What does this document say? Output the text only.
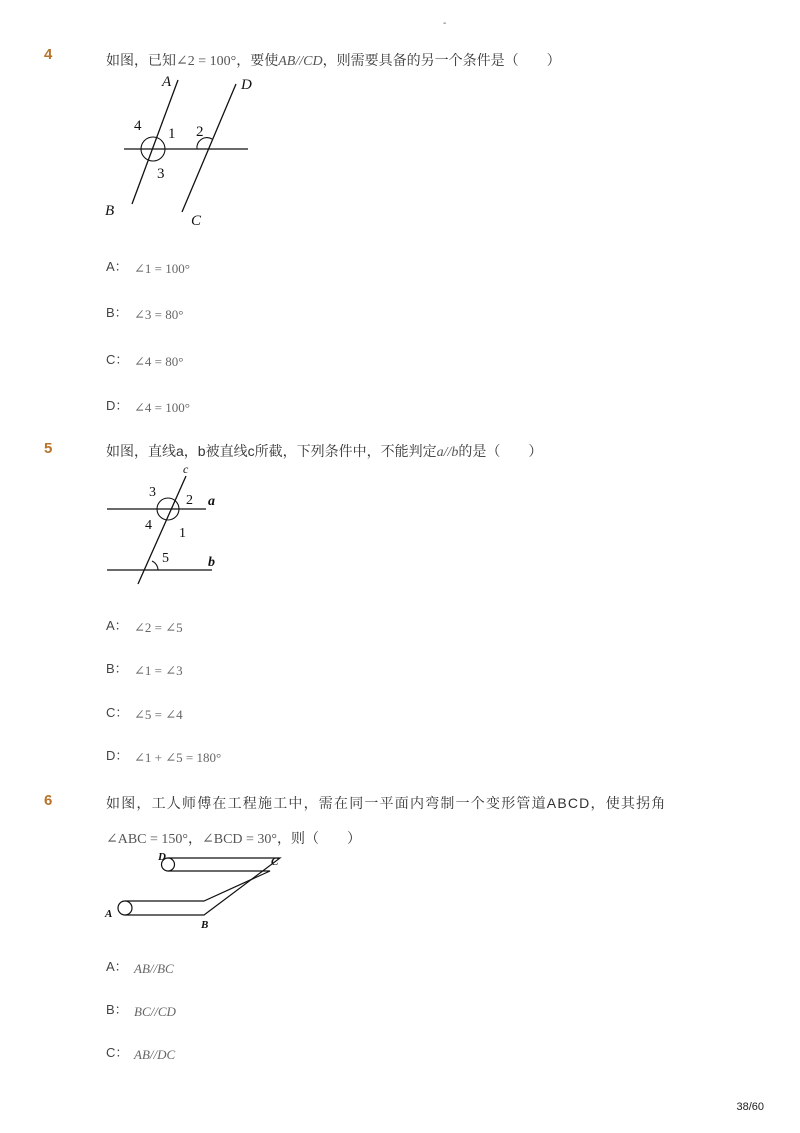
-
4	如图，已知∠2 = 100°，要使AB//CD，则需要具备的另一个条件是（　　）
A	D
B
C
4 1
3
2
A： ∠1 = 100°
B： ∠3 = 80°
C： ∠4 = 80°
D： ∠4 = 100°
5	如图，直线a，b被直线c所截，下列条件中，不能判定a//b的是（　　）
c
a
b
3
2
4
1
5
A： ∠2 = ∠5
B： ∠1 = ∠3
C： ∠5 = ∠4
D： ∠1 + ∠5 = 180°
6	如图，工人师傅在工程施工中，需在同一平面内弯制一个变形管道ABCD，使其拐角
∠ABC = 150°，∠BCD = 30°，则（　　）
A
B
C
D
A： AB//BC
B： BC//CD
C： AB//DC
38/60
